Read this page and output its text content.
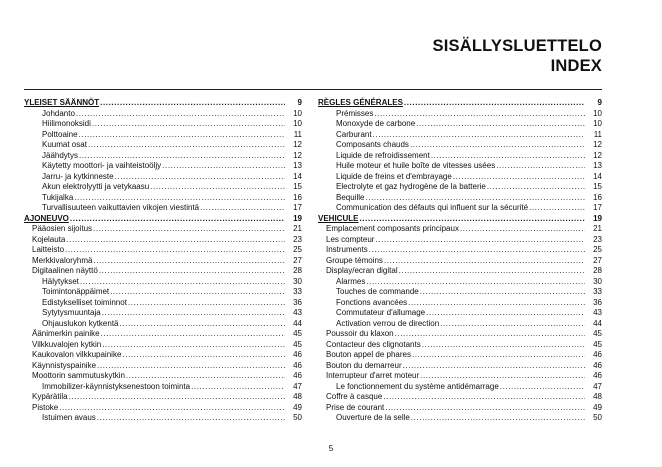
SISÄLLYSLUETTELO
INDEX
YLEISET SÄÄNNÖT .....	9
Johdanto .....	10
Hiilimonoksidi .....	10
Polttoaine .....	11
Kuumat osat .....	12
Jäähdytys .....	12
Käytetty moottori- ja vaihteistoöljy .....	13
Jarru- ja kytkinneste .....	14
Akun elektrolyytti ja vetykaasu .....	15
Tukijalka .....	16
Turvallisuuteen vaikuttavien vikojen viestintä .....	17
AJONEUVO .....	19
Pääosien sijoitus .....	21
Kojelauta .....	23
Laitteisto .....	25
Merkkivaloryhmä .....	27
Digitaalinen näyttö .....	28
Hälytykset .....	30
Toimintonäppäimet .....	33
Edistykselliset toiminnot .....	36
Sytytysmuuntaja .....	43
Ohjauslukon kytkentä .....	44
Äänimerkin painike .....	45
Vilkkuvalojen kytkin .....	45
Kaukovalon vilkkupainike .....	46
Käynnistyspainike .....	46
Moottorin sammutuskytkin .....	46
Immobilizer-käynnistyksenestoon toiminta .....	47
Kypärätila .....	48
Pistoke .....	49
Istuimen avaus .....	50
RÈGLES GÉNÉRALES .....	9
Prémisses .....	10
Monoxyde de carbone .....	10
Carburant .....	11
Composants chauds .....	12
Liquide de refroidissement .....	12
Huile moteur et huile boîte de vitesses usées .....	13
Liquide de freins et d'embrayage .....	14
Electrolyte et gaz hydrogène de la batterie .....	15
Bequille .....	16
Communication des défauts qui influent sur la sécurité .....	17
VEHICULE .....	19
Emplacement composants principaux .....	21
Les compteur .....	23
Instruments .....	25
Groupe témoins .....	27
Display/ecran digital .....	28
Alarmes .....	30
Touches de commande .....	33
Fonctions avancées .....	36
Commutateur d'allumage .....	43
Activation verrou de direction .....	44
Poussoir du klaxon .....	45
Contacteur des clignotants .....	45
Bouton appel de phares .....	46
Bouton du demarreur .....	46
Interrupteur d'arret moteur .....	46
Le fonctionnement du système antidémarrage .....	47
Coffre à casque .....	48
Prise de courant .....	49
Ouverture de la selle .....	50
5
